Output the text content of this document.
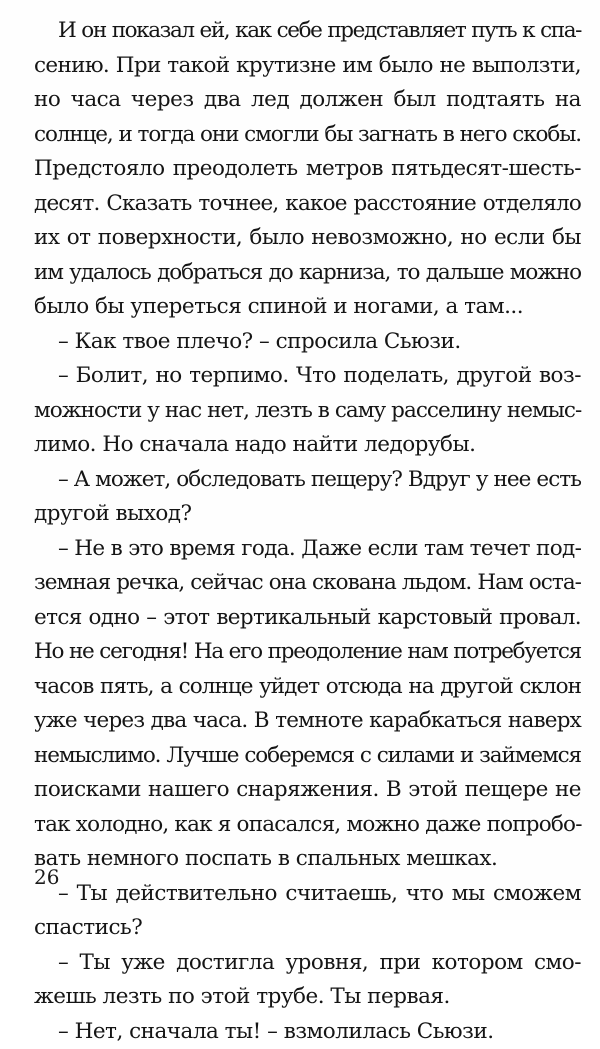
И он показал ей, как себе представляет путь к спа-
сению. При такой крутизне им было не выползти,
но часа через два лед должен был подтаять на
солнце, и тогда они смогли бы загнать в него скобы.
Предстояло преодолеть метров пятьдесят-шесть-
десят. Сказать точнее, какое расстояние отделяло
их от поверхности, было невозможно, но если бы
им удалось добраться до карниза, то дальше можно
было бы упереться спиной и ногами, а там...
– Как твое плечо? – спросила Сьюзи.
– Болит, но терпимо. Что поделать, другой воз-
можности у нас нет, лезть в саму расселину немыс-
лимо. Но сначала надо найти ледорубы.
– А может, обследовать пещеру? Вдруг у нее есть
другой выход?
– Не в это время года. Даже если там течет под-
земная речка, сейчас она скована льдом. Нам оста-
ется одно – этот вертикальный карстовый провал.
Но не сегодня! На его преодоление нам потребуется
часов пять, а солнце уйдет отсюда на другой склон
уже через два часа. В темноте карабкаться наверх
немыслимо. Лучше соберемся с силами и займемся
поисками нашего снаряжения. В этой пещере не
так холодно, как я опасался, можно даже попробо-
вать немного поспать в спальных мешках.
– Ты действительно считаешь, что мы сможем
спастись?
– Ты уже достигла уровня, при котором смо-
жешь лезть по этой трубе. Ты первая.
– Нет, сначала ты! – взмолилась Сьюзи.
26
